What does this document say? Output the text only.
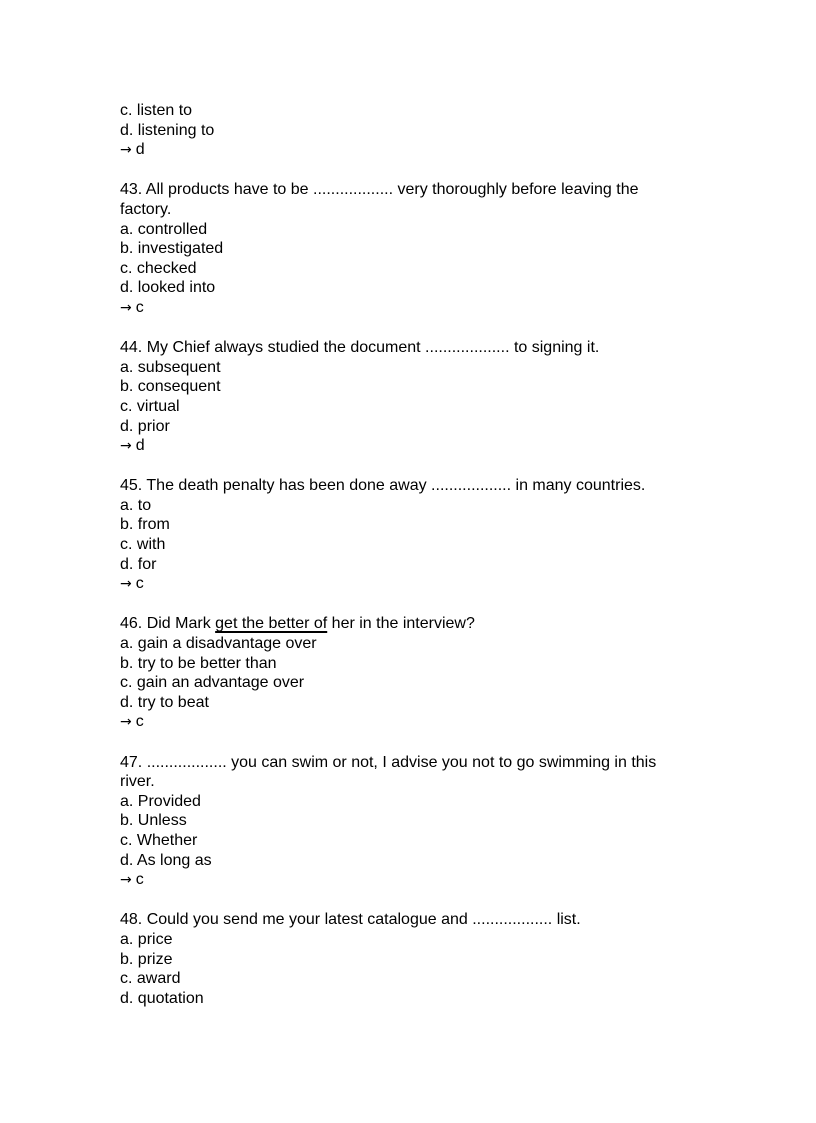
c. listen to
d. listening to
→ d
43. All products have to be .................. very thoroughly before leaving the
factory.
a. controlled
b. investigated
c. checked
d. looked into
→ c
44. My Chief always studied the document ................... to signing it.
a. subsequent
b. consequent
c. virtual
d. prior
→ d
45. The death penalty has been done away .................. in many countries.
a. to
b. from
c. with
d. for
→ c
46. Did Mark get the better of her in the interview?
a. gain a disadvantage over
b. try to be better than
c. gain an advantage over
d. try to beat
→ c
47. .................. you can swim or not, I advise you not to go swimming in this
river.
a. Provided
b. Unless
c. Whether
d. As long as
→ c
48. Could you send me your latest catalogue and .................. list.
a. price
b. prize
c. award
d. quotation
